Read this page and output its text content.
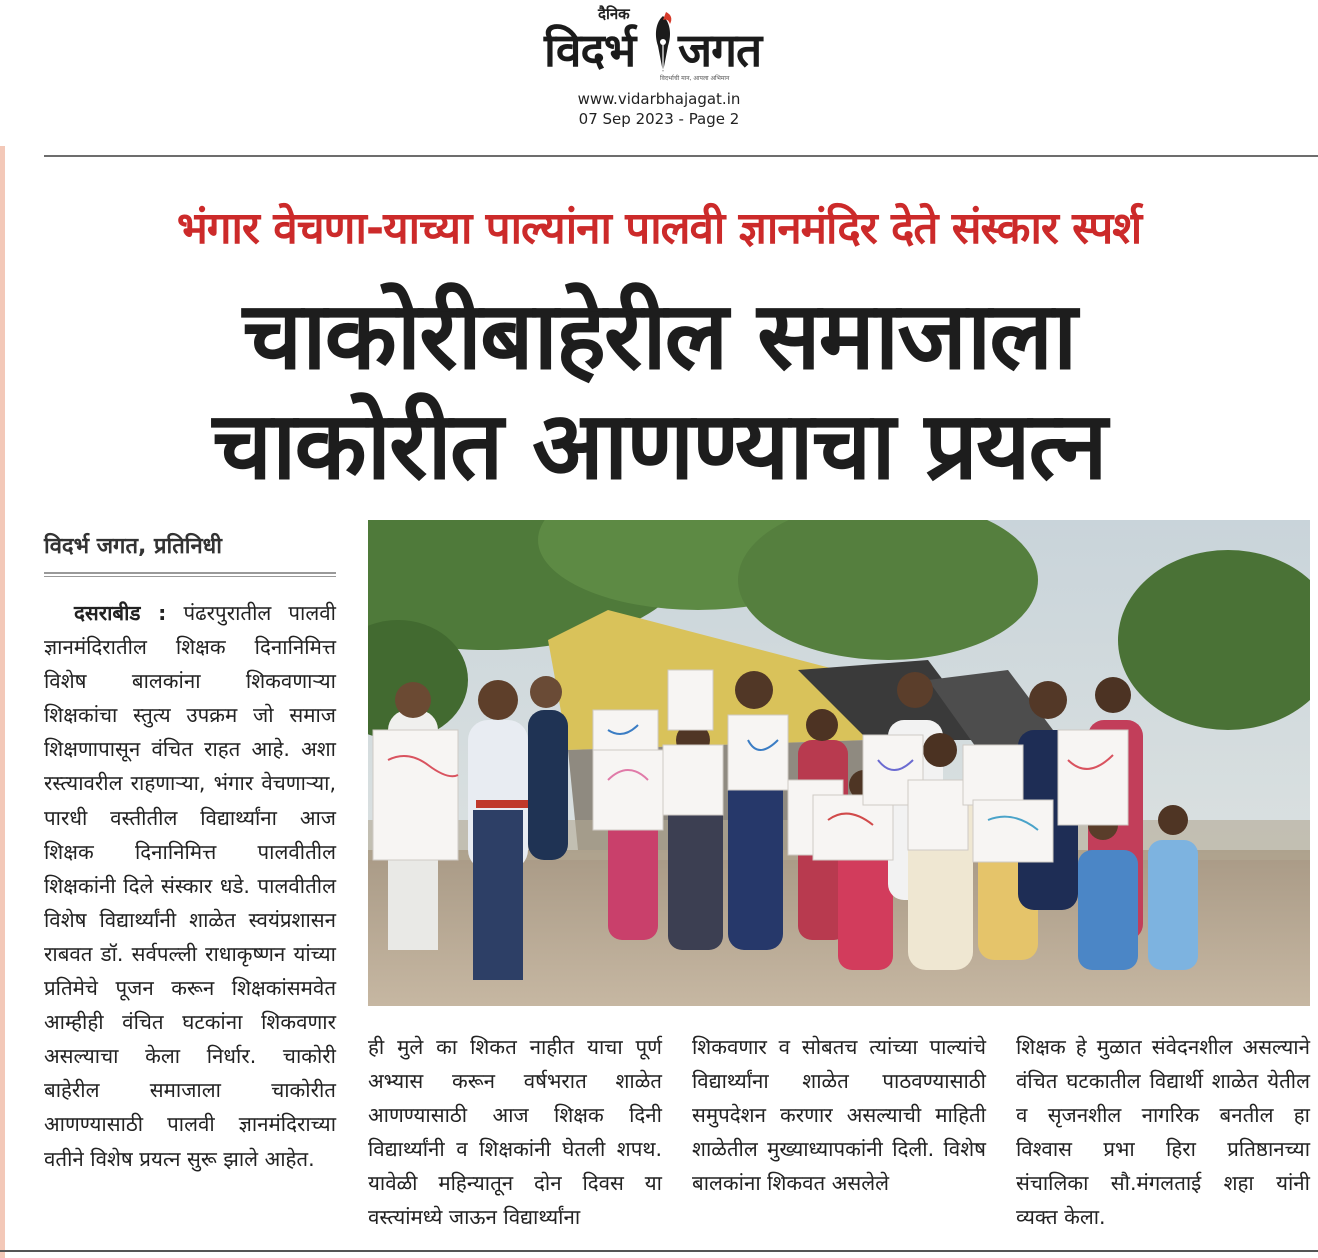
दैनिक
विदर्भ जगत
विदर्भाची मान, आपला अभिमान
www.vidarbhajagat.in
07 Sep 2023 - Page 2
भंगार वेचणा-याच्या पाल्यांना पालवी ज्ञानमंदिर देते संस्कार स्पर्श
चाकोरीबाहेरील समाजाला
चाकोरीत आणण्याचा प्रयत्न
विदर्भ जगत, प्रतिनिधी
दसराबीड : पंढरपुरातील पालवी ज्ञानमंदिरातील शिक्षक दिनानिमित्त विशेष बालकांना शिकवणाऱ्या शिक्षकांचा स्तुत्य उपक्रम जो समाज शिक्षणापासून वंचित राहत आहे. अशा रस्त्यावरील राहणाऱ्या, भंगार वेचणाऱ्या, पारधी वस्तीतील विद्यार्थ्यांना आज शिक्षक दिनानिमित्त पालवीतील शिक्षकांनी दिले संस्कार धडे. पालवीतील विशेष विद्यार्थ्यांनी शाळेत स्वयंप्रशासन राबवत डॉ. सर्वपल्ली राधाकृष्णन यांच्या प्रतिमेचे पूजन करून शिक्षकांसमवेत आम्हीही वंचित घटकांना शिकवणार असल्याचा केला निर्धार. चाकोरी बाहेरील समाजाला चाकोरीत आणण्यासाठी पालवी ज्ञानमंदिराच्या वतीने विशेष प्रयत्न सुरू झाले आहेत.
ही मुले का शिकत नाहीत याचा पूर्ण अभ्यास करून वर्षभरात शाळेत आणण्यासाठी आज शिक्षक दिनी विद्यार्थ्यांनी व शिक्षकांनी घेतली शपथ. यावेळी महिन्यातून दोन दिवस या वस्त्यांमध्ये जाऊन विद्यार्थ्यांना
शिकवणार व सोबतच त्यांच्या पाल्यांचे विद्यार्थ्यांना शाळेत पाठवण्यासाठी समुपदेशन करणार असल्याची माहिती शाळेतील मुख्याध्यापकांनी दिली. विशेष बालकांना शिकवत असलेले
शिक्षक हे मुळात संवेदनशील असल्याने वंचित घटकातील विद्यार्थी शाळेत येतील व सृजनशील नागरिक बनतील हा विश्वास प्रभा हिरा प्रतिष्ठानच्या संचालिका सौ.मंगलताई शहा यांनी व्यक्त केला.
